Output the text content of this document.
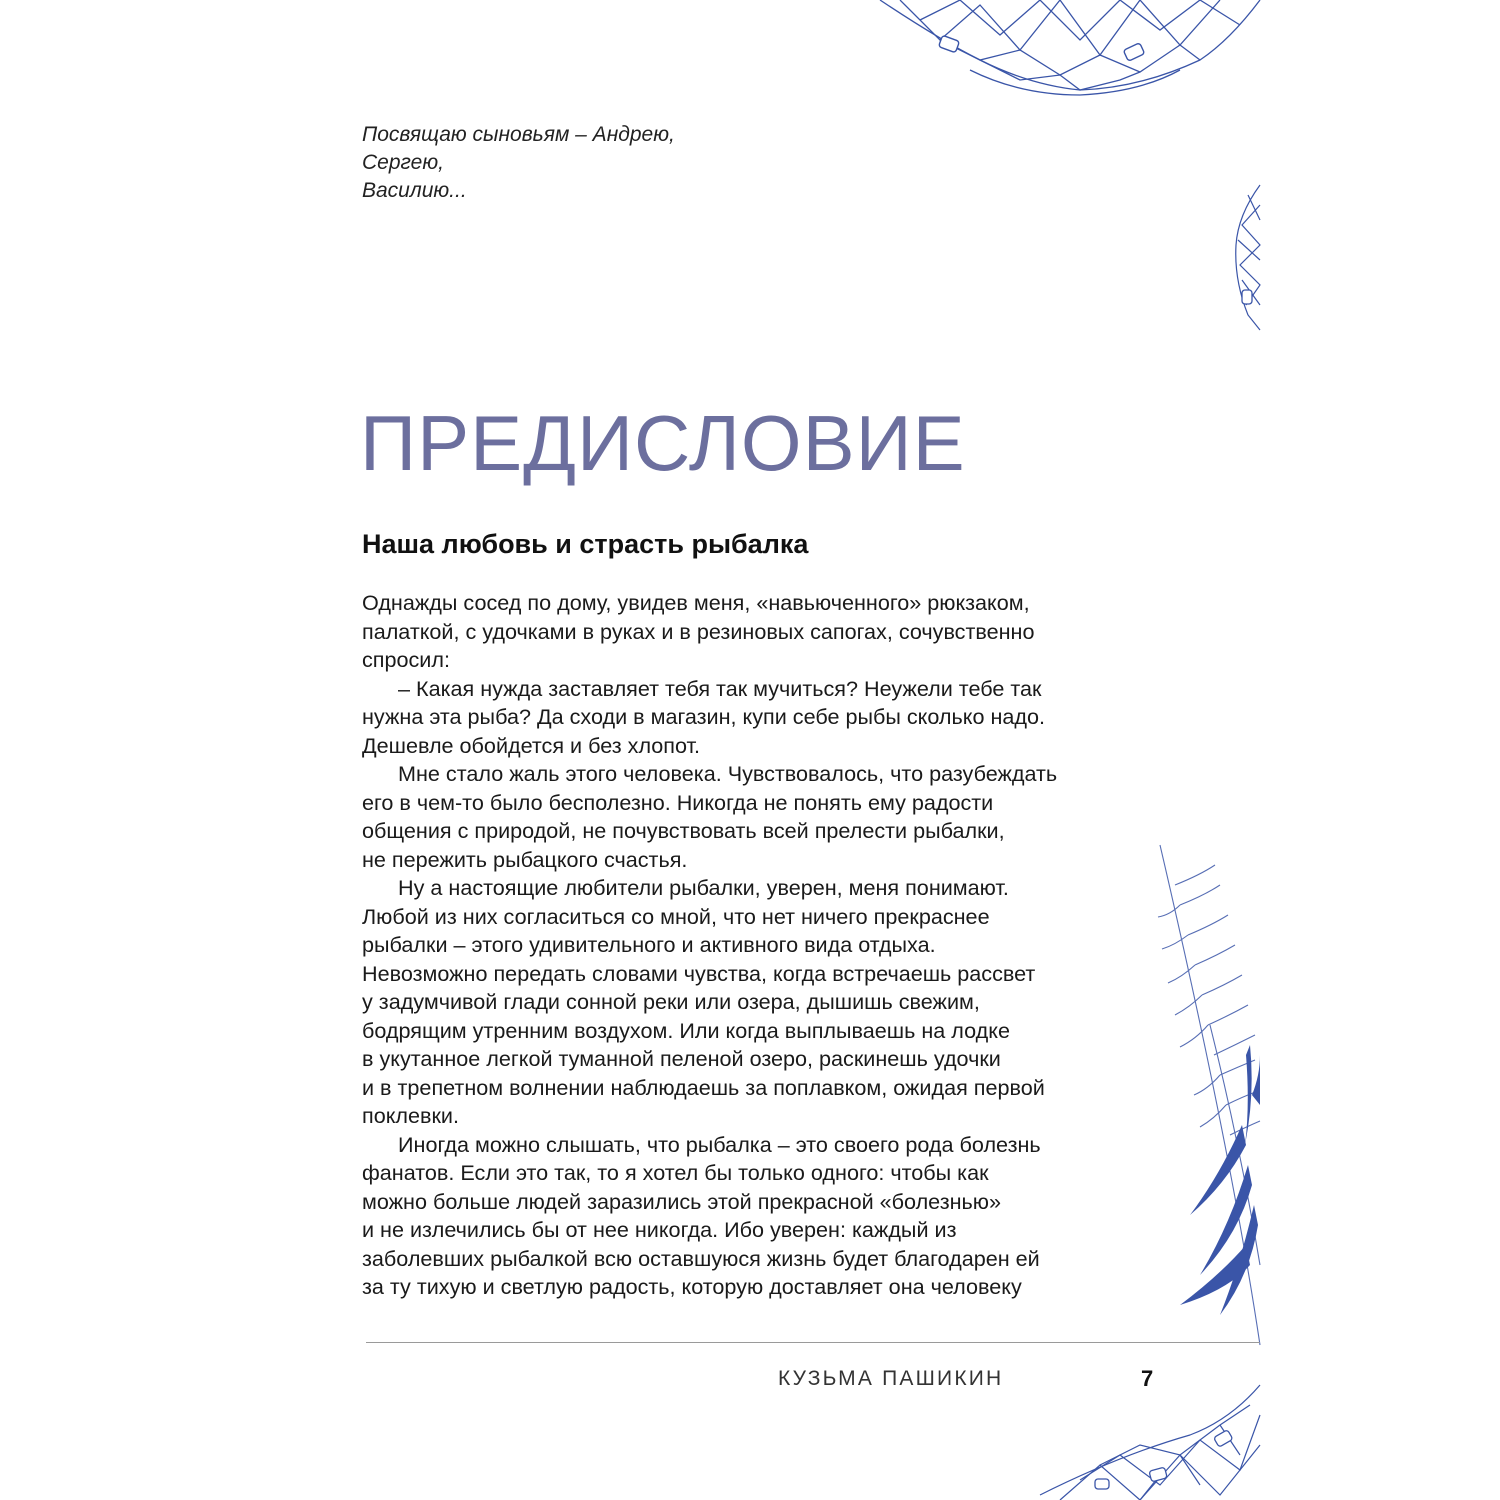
Посвящаю сыновьям – Андрею,
Сергею,
Василию...
ПРЕДИСЛОВИЕ
Наша любовь и страсть рыбалка
Однажды сосед по дому, увидев меня, «навьюченного» рюкзаком,
палаткой, с удочками в руках и в резиновых сапогах, сочувственно
спросил:
– Какая нужда заставляет тебя так мучиться? Неужели тебе так
нужна эта рыба? Да сходи в магазин, купи себе рыбы сколько надо.
Дешевле обойдется и без хлопот.
Мне стало жаль этого человека. Чувствовалось, что разубеждать
его в чем-то было бесполезно. Никогда не понять ему радости
общения с природой, не почувствовать всей прелести рыбалки,
не пережить рыбацкого счастья.
Ну а настоящие любители рыбалки, уверен, меня понимают.
Любой из них согласиться со мной, что нет ничего прекраснее
рыбалки – этого удивительного и активного вида отдыха.
Невозможно передать словами чувства, когда встречаешь рассвет
у задумчивой глади сонной реки или озера, дышишь свежим,
бодрящим утренним воздухом. Или когда выплываешь на лодке
в укутанное легкой туманной пеленой озеро, раскинешь удочки
и в трепетном волнении наблюдаешь за поплавком, ожидая первой
поклевки.
Иногда можно слышать, что рыбалка – это своего рода болезнь
фанатов. Если это так, то я хотел бы только одного: чтобы как
можно больше людей заразились этой прекрасной «болезнью»
и не излечились бы от нее никогда. Ибо уверен: каждый из
заболевших рыбалкой всю оставшуюся жизнь будет благодарен ей
за ту тихую и светлую радость, которую доставляет она человеку
КУЗЬМА ПАШИКИН	7
